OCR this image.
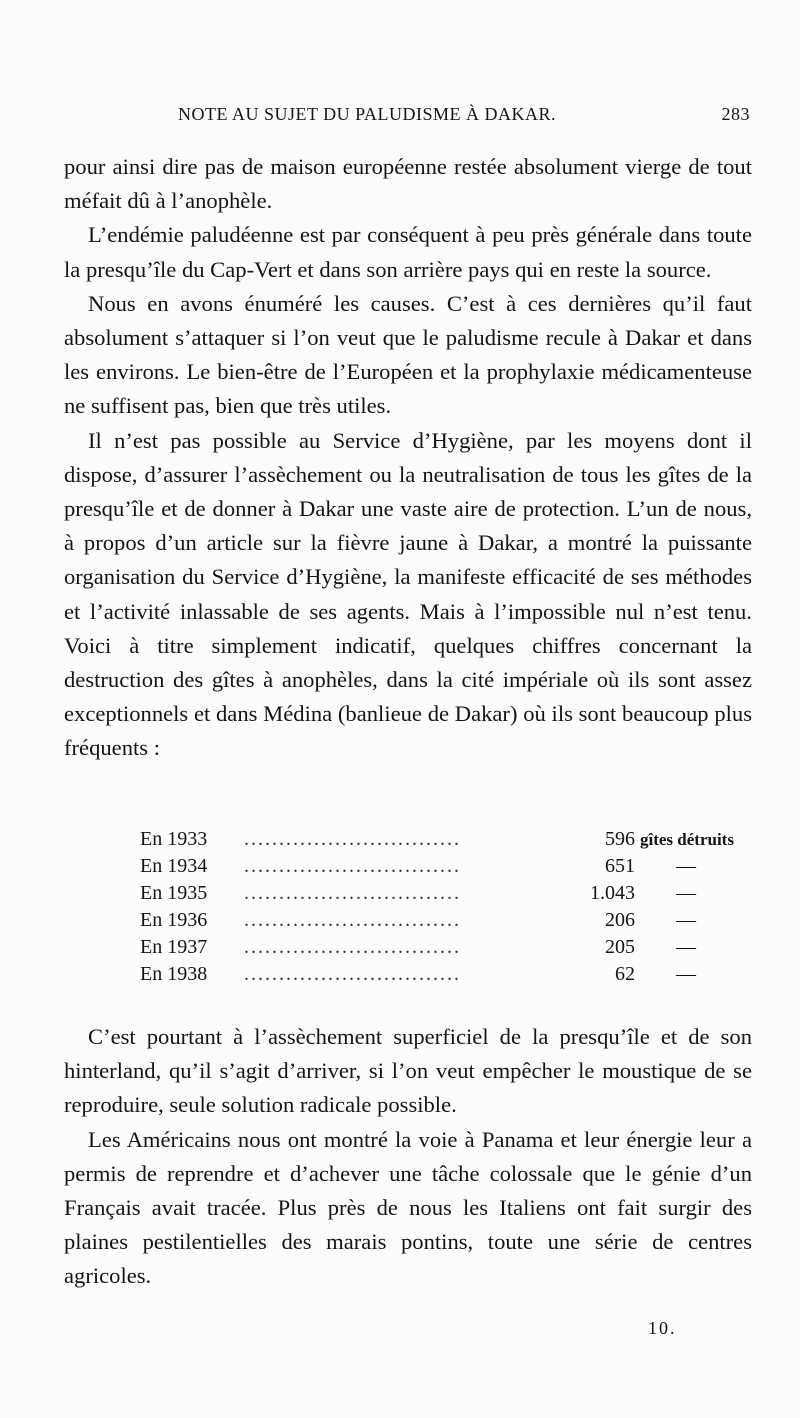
NOTE AU SUJET DU PALUDISME À DAKAR.	283

pour ainsi dire pas de maison européenne restée absolument vierge de tout méfait dû à l’anophèle.

L’endémie paludéenne est par conséquent à peu près générale dans toute la presqu’île du Cap-Vert et dans son arrière pays qui en reste la source.

Nous en avons énuméré les causes. C’est à ces dernières qu’il faut absolument s’attaquer si l’on veut que le paludisme recule à Dakar et dans les environs. Le bien-être de l’Européen et la prophylaxie médicamenteuse ne suffisent pas, bien que très utiles.

Il n’est pas possible au Service d’Hygiène, par les moyens dont il dispose, d’assurer l’assèchement ou la neutralisation de tous les gîtes de la presqu’île et de donner à Dakar une vaste aire de protection. L’un de nous, à propos d’un article sur la fièvre jaune à Dakar, a montré la puissante organisation du Service d’Hygiène, la manifeste efficacité de ses méthodes et l’activité inlassable de ses agents. Mais à l’impossible nul n’est tenu. Voici à titre simplement indicatif, quelques chiffres concernant la destruction des gîtes à anophèles, dans la cité impériale où ils sont assez exceptionnels et dans Médina (banlieue de Dakar) où ils sont beaucoup plus fréquents :

En 1933 ...............................	596 gîtes détruits
En 1934 ...............................	651 —
En 1935 ...............................	1.043 —
En 1936 ...............................	206 —
En 1937 ...............................	205 —
En 1938 ...............................	62 —

C’est pourtant à l’assèchement superficiel de la presqu’île et de son hinterland, qu’il s’agit d’arriver, si l’on veut empêcher le moustique de se reproduire, seule solution radicale possible.

Les Américains nous ont montré la voie à Panama et leur énergie leur a permis de reprendre et d’achever une tâche colossale que le génie d’un Français avait tracée. Plus près de nous les Italiens ont fait surgir des plaines pestilentielles des marais pontins, toute une série de centres agricoles.

10.
